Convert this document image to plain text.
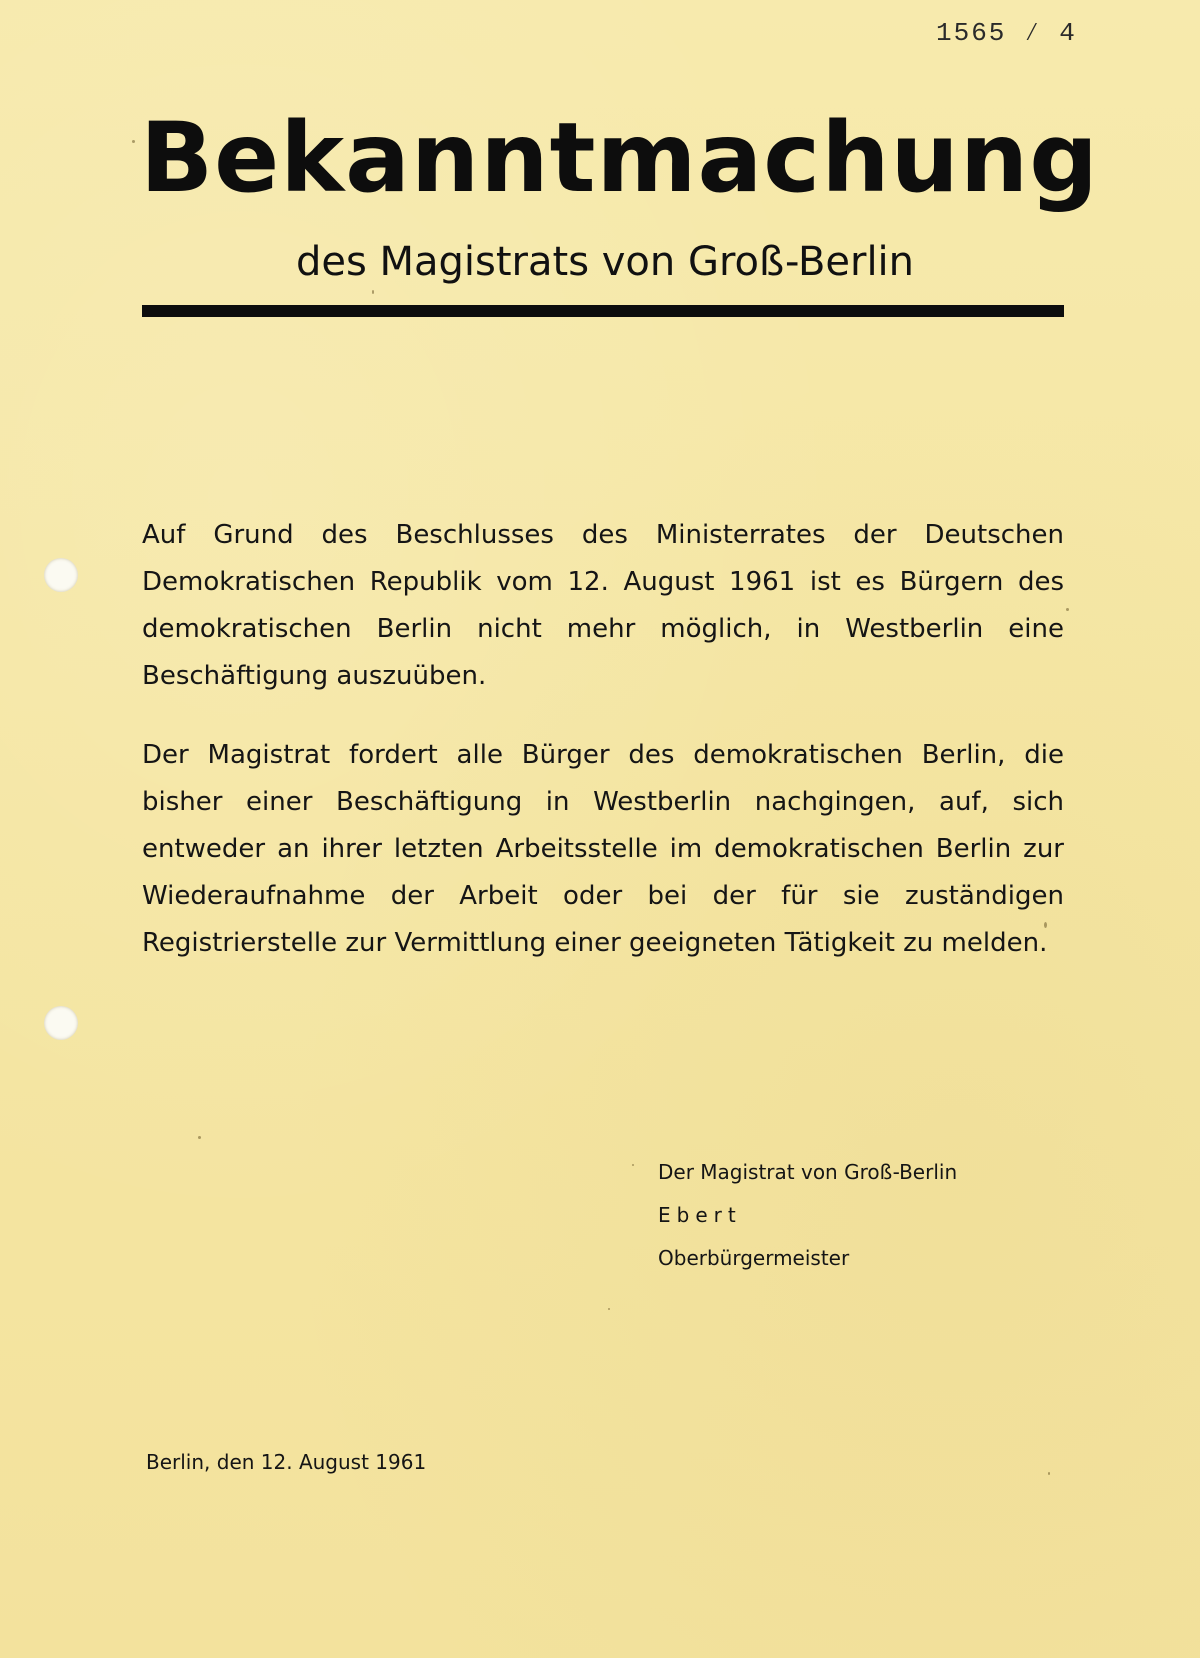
1565 ⁄ 4
Bekanntmachung
des Magistrats von Groß-Berlin

Auf Grund des Beschlusses des Ministerrates der Deutschen Demokratischen Republik vom 12. August 1961 ist es Bürgern des demokratischen Berlin nicht mehr möglich, in Westberlin eine Beschäftigung auszuüben.

Der Magistrat fordert alle Bürger des demokratischen Berlin, die bisher einer Beschäftigung in Westberlin nachgingen, auf, sich entweder an ihrer letzten Arbeitsstelle im demokratischen Berlin zur Wiederaufnahme der Arbeit oder bei der für sie zuständigen Registrierstelle zur Vermittlung einer geeigneten Tätigkeit zu melden.

Der Magistrat von Groß-Berlin
Ebert
Oberbürgermeister
Berlin, den 12. August 1961
